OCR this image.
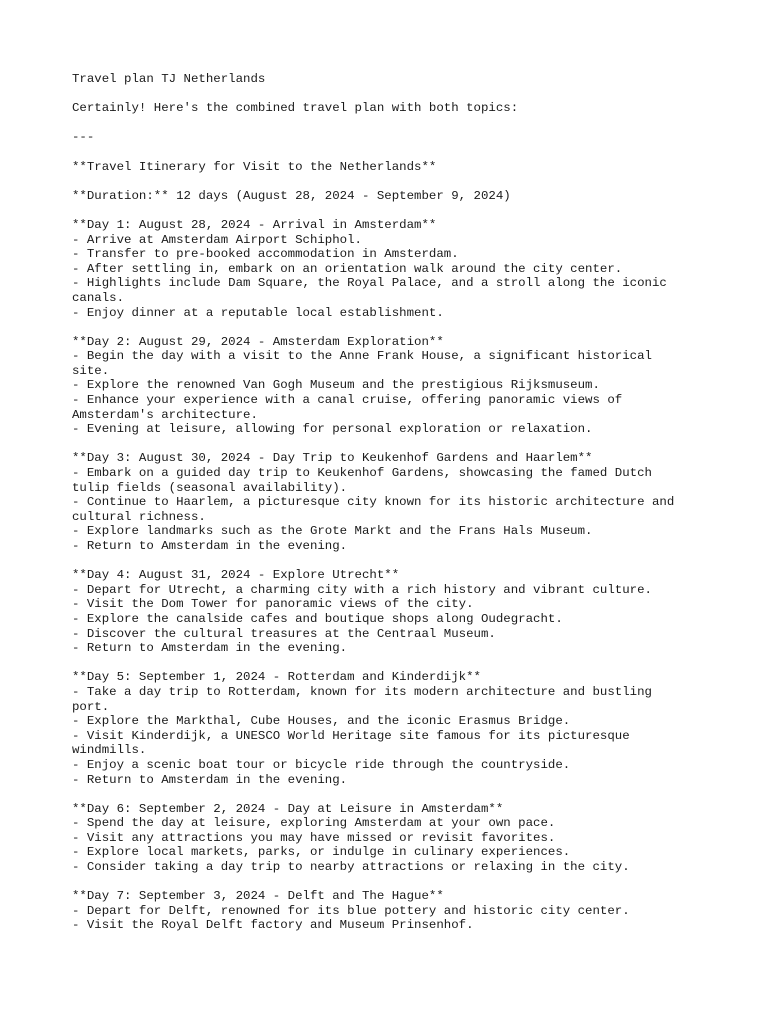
Travel plan TJ Netherlands
Certainly! Here's the combined travel plan with both topics:
---
**Travel Itinerary for Visit to the Netherlands**
**Duration:** 12 days (August 28, 2024 - September 9, 2024)
**Day 1: August 28, 2024 - Arrival in Amsterdam**
- Arrive at Amsterdam Airport Schiphol.
- Transfer to pre-booked accommodation in Amsterdam.
- After settling in, embark on an orientation walk around the city center.
- Highlights include Dam Square, the Royal Palace, and a stroll along the iconic
canals.
- Enjoy dinner at a reputable local establishment.
**Day 2: August 29, 2024 - Amsterdam Exploration**
- Begin the day with a visit to the Anne Frank House, a significant historical
site.
- Explore the renowned Van Gogh Museum and the prestigious Rijksmuseum.
- Enhance your experience with a canal cruise, offering panoramic views of
Amsterdam's architecture.
- Evening at leisure, allowing for personal exploration or relaxation.
**Day 3: August 30, 2024 - Day Trip to Keukenhof Gardens and Haarlem**
- Embark on a guided day trip to Keukenhof Gardens, showcasing the famed Dutch
tulip fields (seasonal availability).
- Continue to Haarlem, a picturesque city known for its historic architecture and
cultural richness.
- Explore landmarks such as the Grote Markt and the Frans Hals Museum.
- Return to Amsterdam in the evening.
**Day 4: August 31, 2024 - Explore Utrecht**
- Depart for Utrecht, a charming city with a rich history and vibrant culture.
- Visit the Dom Tower for panoramic views of the city.
- Explore the canalside cafes and boutique shops along Oudegracht.
- Discover the cultural treasures at the Centraal Museum.
- Return to Amsterdam in the evening.
**Day 5: September 1, 2024 - Rotterdam and Kinderdijk**
- Take a day trip to Rotterdam, known for its modern architecture and bustling
port.
- Explore the Markthal, Cube Houses, and the iconic Erasmus Bridge.
- Visit Kinderdijk, a UNESCO World Heritage site famous for its picturesque
windmills.
- Enjoy a scenic boat tour or bicycle ride through the countryside.
- Return to Amsterdam in the evening.
**Day 6: September 2, 2024 - Day at Leisure in Amsterdam**
- Spend the day at leisure, exploring Amsterdam at your own pace.
- Visit any attractions you may have missed or revisit favorites.
- Explore local markets, parks, or indulge in culinary experiences.
- Consider taking a day trip to nearby attractions or relaxing in the city.
**Day 7: September 3, 2024 - Delft and The Hague**
- Depart for Delft, renowned for its blue pottery and historic city center.
- Visit the Royal Delft factory and Museum Prinsenhof.
